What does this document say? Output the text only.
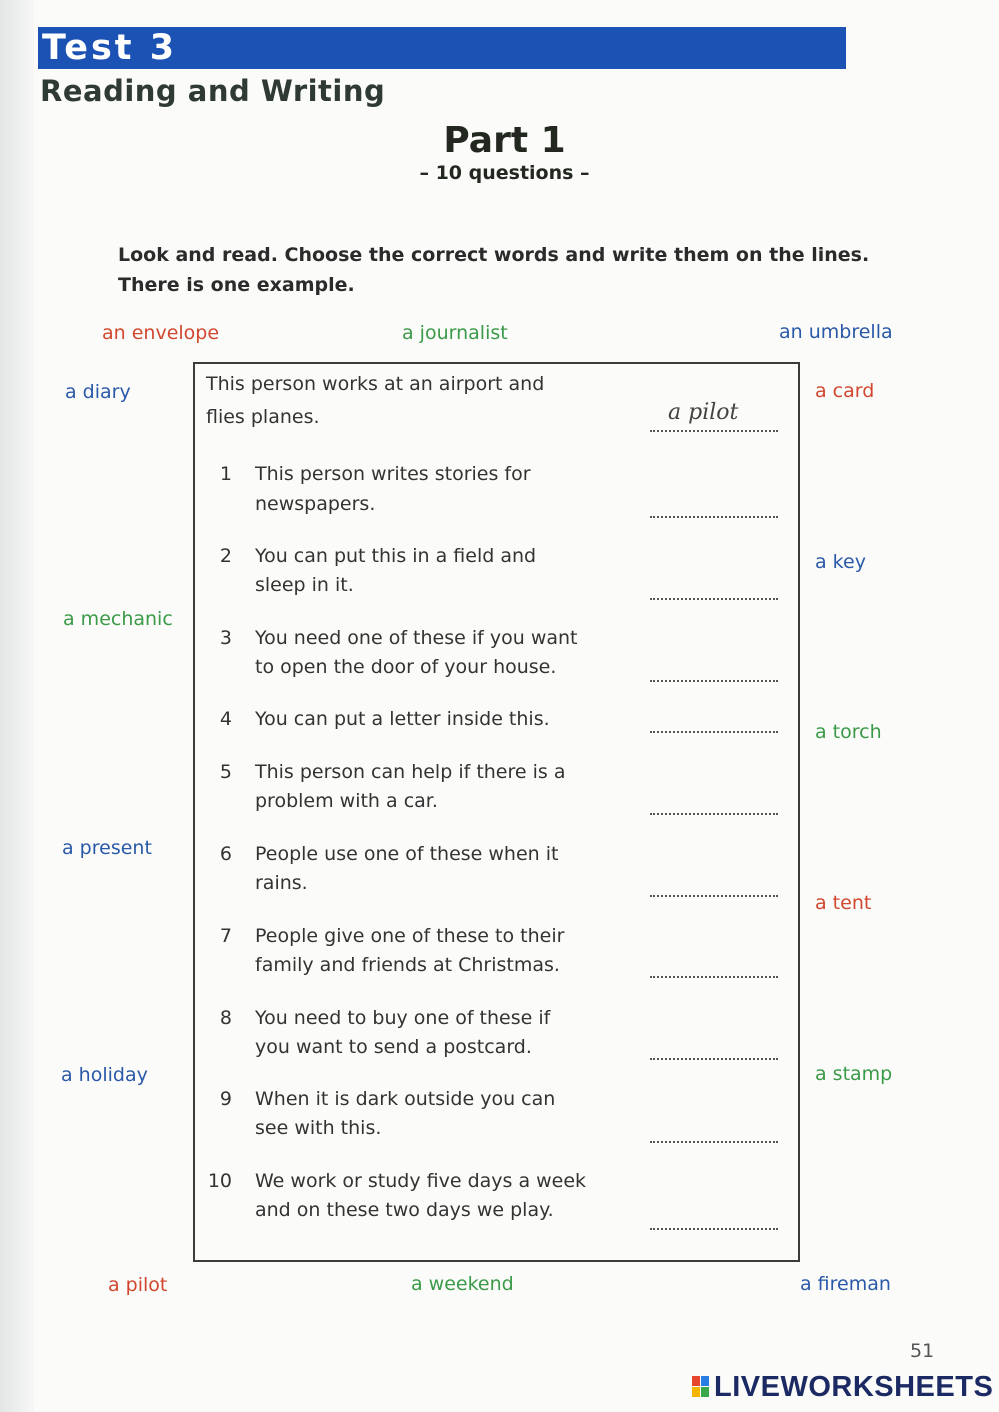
Test 3
Reading and Writing
Part 1
– 10 questions –
Look and read. Choose the correct words and write them on the lines. There is one example.
an envelope	a journalist	an umbrella
a diary	a card
a key
a mechanic
a torch
a present
a tent
a holiday	a stamp
a pilot	a weekend	a fireman
This person works at an airport and
flies planes.	a pilot
1 This person writes stories for
newspapers.
2 You can put this in a field and
sleep in it.
3 You need one of these if you want
to open the door of your house.
4 You can put a letter inside this.
5 This person can help if there is a
problem with a car.
6 People use one of these when it
rains.
7 People give one of these to their
family and friends at Christmas.
8 You need to buy one of these if
you want to send a postcard.
9 When it is dark outside you can
see with this.
10 We work or study five days a week
and on these two days we play.
51
LIVEWORKSHEETS
